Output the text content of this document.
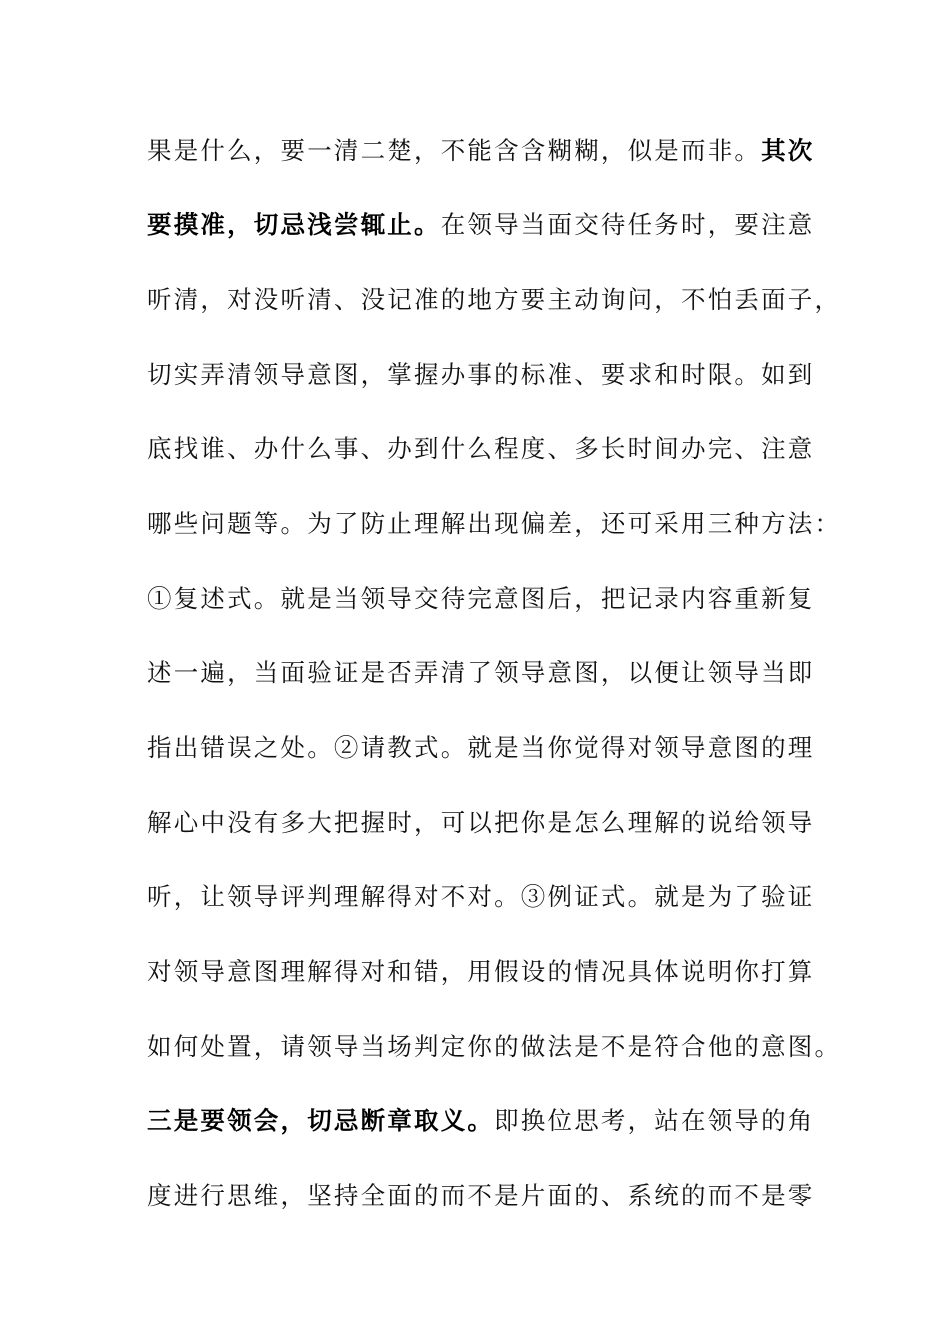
果是什么，要一清二楚，不能含含糊糊，似是而非。其次
要摸准，切忌浅尝辄止。在领导当面交待任务时，要注意
听清，对没听清、没记准的地方要主动询问，不怕丢面子，
切实弄清领导意图，掌握办事的标准、要求和时限。如到
底找谁、办什么事、办到什么程度、多长时间办完、注意
哪些问题等。为了防止理解出现偏差，还可采用三种方法：
①复述式。就是当领导交待完意图后，把记录内容重新复
述一遍，当面验证是否弄清了领导意图，以便让领导当即
指出错误之处。②请教式。就是当你觉得对领导意图的理
解心中没有多大把握时，可以把你是怎么理解的说给领导
听，让领导评判理解得对不对。③例证式。就是为了验证
对领导意图理解得对和错，用假设的情况具体说明你打算
如何处置，请领导当场判定你的做法是不是符合他的意图。
三是要领会，切忌断章取义。即换位思考，站在领导的角
度进行思维，坚持全面的而不是片面的、系统的而不是零
